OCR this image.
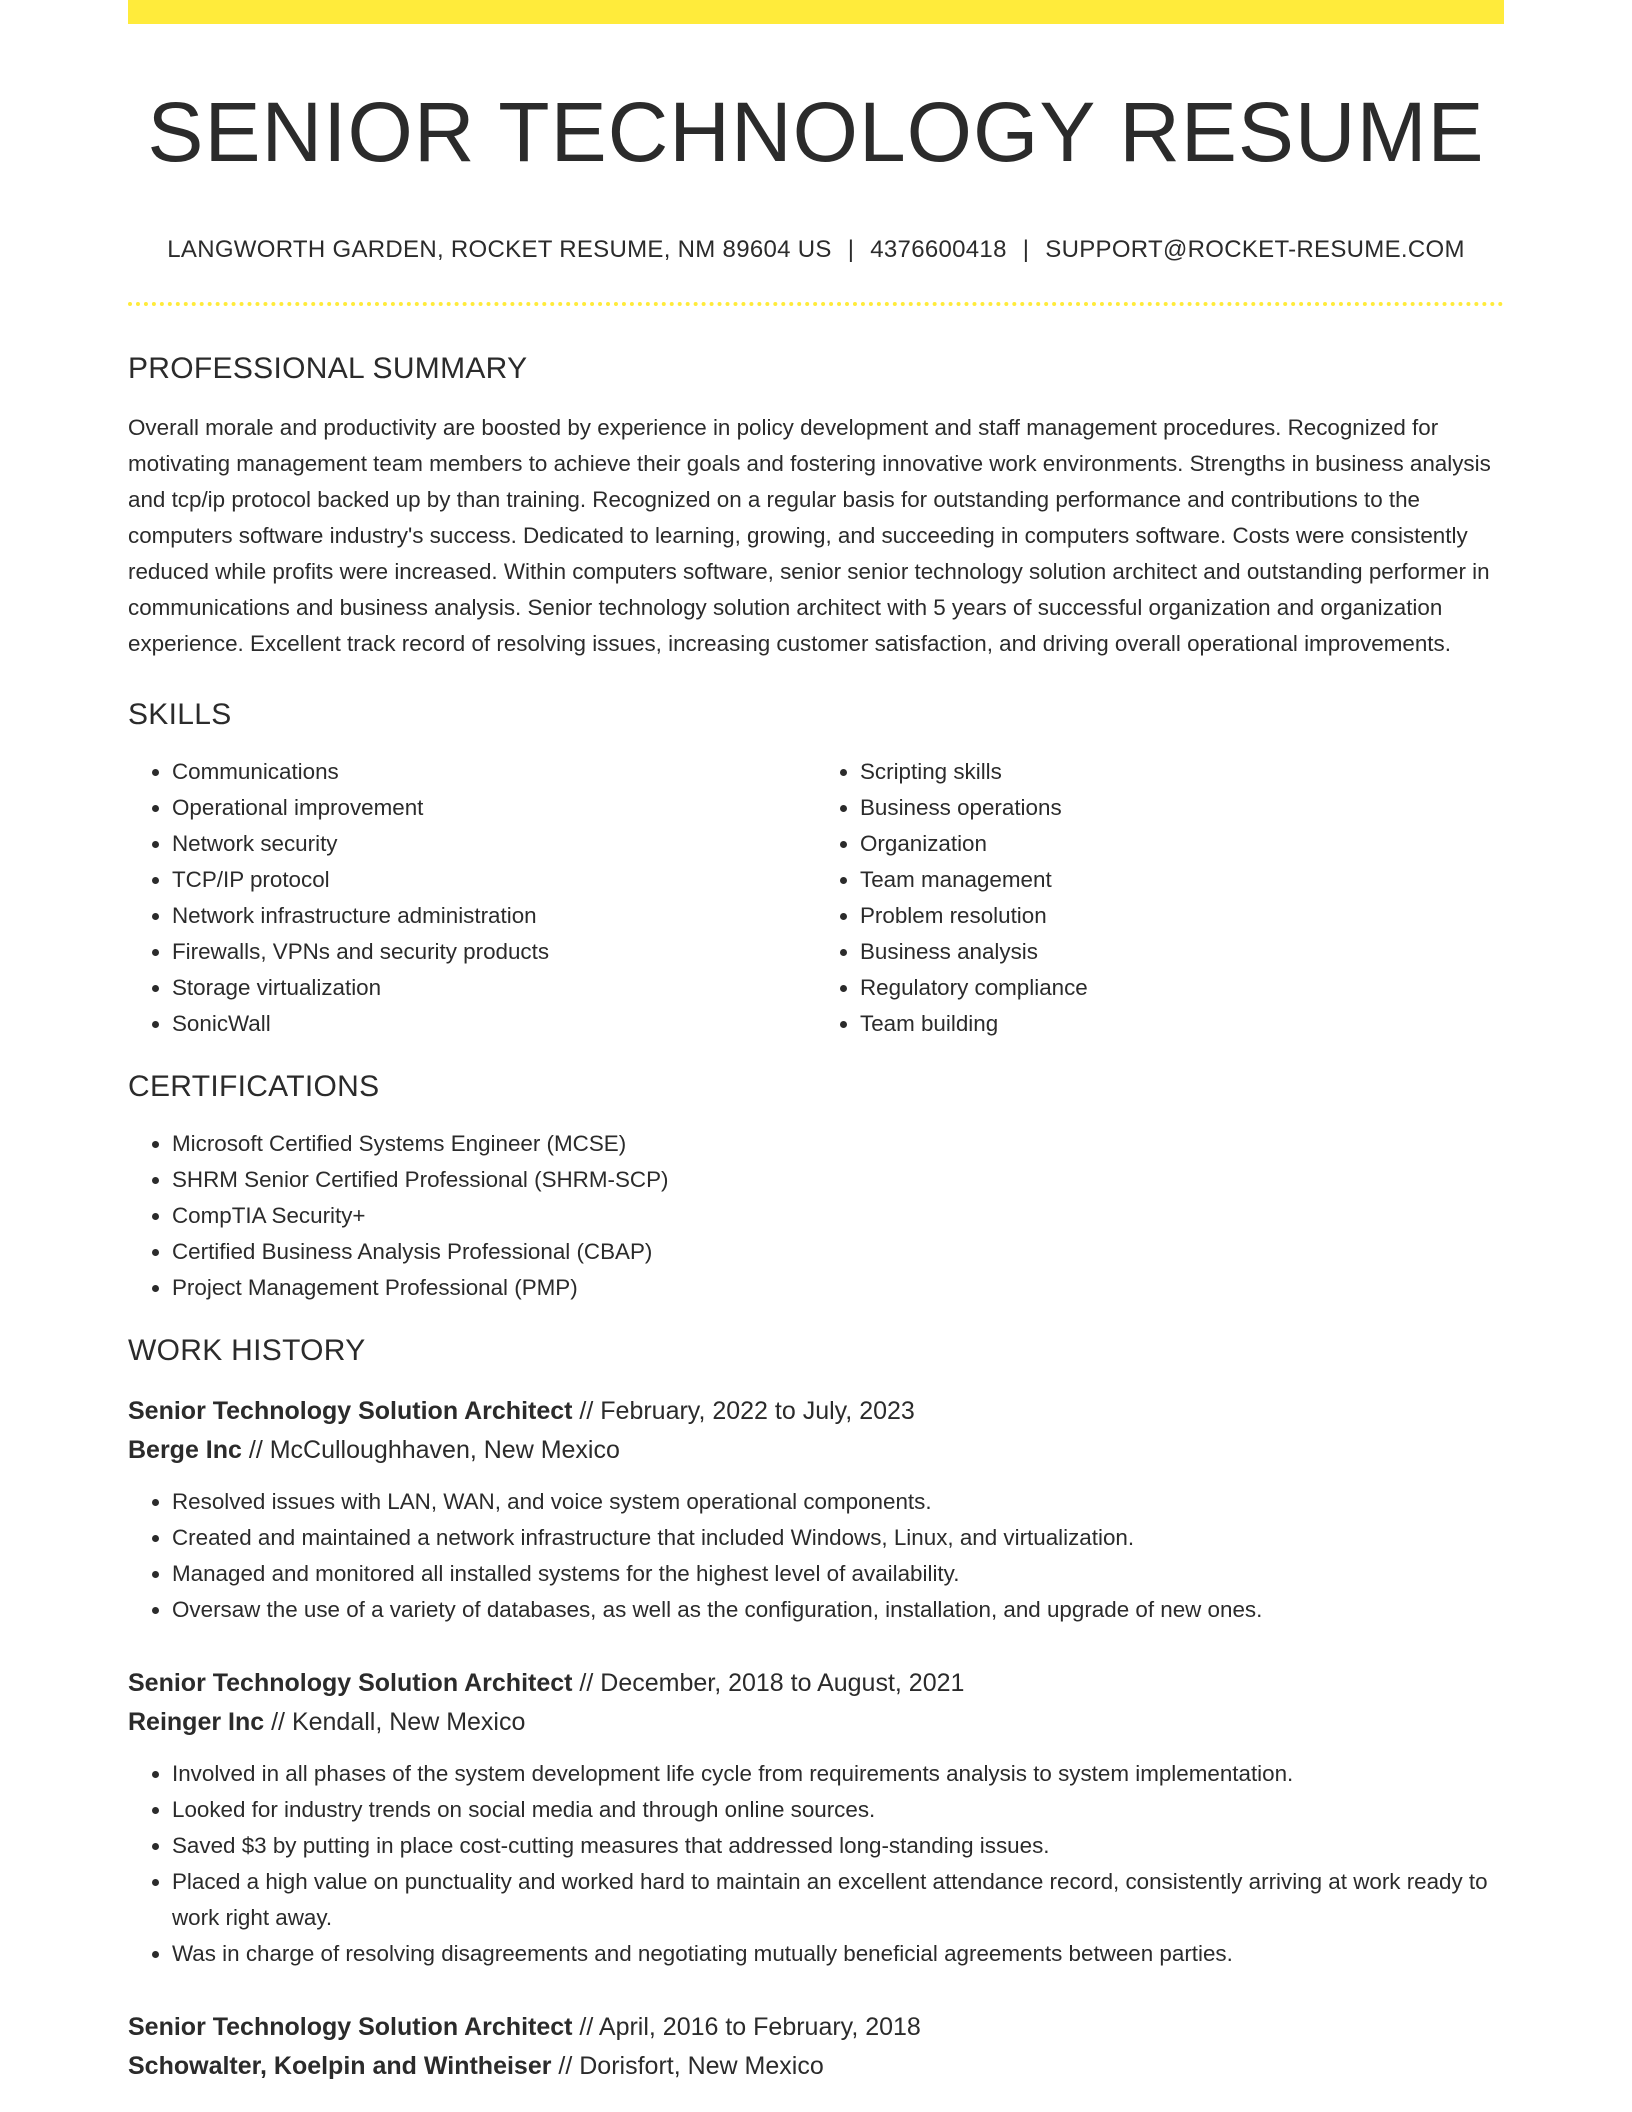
SENIOR TECHNOLOGY RESUME
LANGWORTH GARDEN, ROCKET RESUME, NM 89604 US | 4376600418 | SUPPORT@ROCKET-RESUME.COM
PROFESSIONAL SUMMARY

Overall morale and productivity are boosted by experience in policy development and staff management procedures. Recognized for motivating management team members to achieve their goals and fostering innovative work environments. Strengths in business analysis and tcp/ip protocol backed up by than training. Recognized on a regular basis for outstanding performance and contributions to the computers software industry's success. Dedicated to learning, growing, and succeeding in computers software. Costs were consistently reduced while profits were increased. Within computers software, senior senior technology solution architect and outstanding performer in communications and business analysis. Senior technology solution architect with 5 years of successful organization and organization experience. Excellent track record of resolving issues, increasing customer satisfaction, and driving overall operational improvements.

SKILLS
• Communications
• Operational improvement
• Network security
• TCP/IP protocol
• Network infrastructure administration
• Firewalls, VPNs and security products
• Storage virtualization
• SonicWall
• Scripting skills
• Business operations
• Organization
• Team management
• Problem resolution
• Business analysis
• Regulatory compliance
• Team building
CERTIFICATIONS
• Microsoft Certified Systems Engineer (MCSE)
• SHRM Senior Certified Professional (SHRM-SCP)
• CompTIA Security+
• Certified Business Analysis Professional (CBAP)
• Project Management Professional (PMP)
WORK HISTORY
Senior Technology Solution Architect // February, 2022 to July, 2023
Berge Inc // McCulloughhaven, New Mexico
• Resolved issues with LAN, WAN, and voice system operational components.
• Created and maintained a network infrastructure that included Windows, Linux, and virtualization.
• Managed and monitored all installed systems for the highest level of availability.
• Oversaw the use of a variety of databases, as well as the configuration, installation, and upgrade of new ones.
Senior Technology Solution Architect // December, 2018 to August, 2021
Reinger Inc // Kendall, New Mexico
• Involved in all phases of the system development life cycle from requirements analysis to system implementation.
• Looked for industry trends on social media and through online sources.
• Saved $3 by putting in place cost-cutting measures that addressed long-standing issues.
• Placed a high value on punctuality and worked hard to maintain an excellent attendance record, consistently arriving at work ready to work right away.
• Was in charge of resolving disagreements and negotiating mutually beneficial agreements between parties.
Senior Technology Solution Architect // April, 2016 to February, 2018
Schowalter, Koelpin and Wintheiser // Dorisfort, New Mexico
